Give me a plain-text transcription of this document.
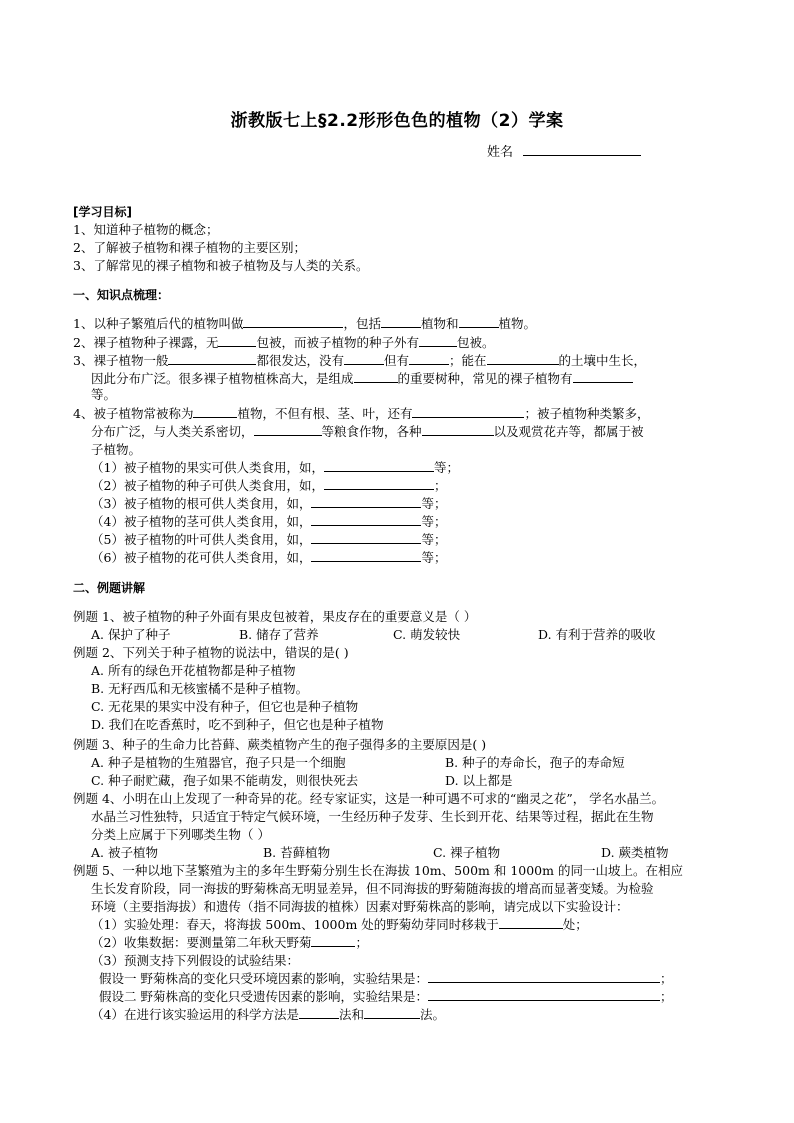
浙教版七上§2.2形形色色的植物（2）学案
姓名
[学习目标]
1、知道种子植物的概念；
2、了解被子植物和裸子植物的主要区别；
3、了解常见的裸子植物和被子植物及与人类的关系。
一、知识点梳理：
1、以种子繁殖后代的植物叫做	，包括	植物和	植物。
2、裸子植物种子裸露，无	包被，而被子植物的种子外有	包被。
3、裸子植物一般	都很发达，没有	但有	；能在	的土壤中生长，
因此分布广泛。很多裸子植物植株高大，是组成	的重要树种，常见的裸子植物有
等。
4、被子植物常被称为	植物，不但有根、茎、叶，还有	；被子植物种类繁多，
分布广泛，与人类关系密切，	等粮食作物，各种	以及观赏花卉等，都属于被
子植物。
（1）被子植物的果实可供人类食用，如，	等；
（2）被子植物的种子可供人类食用，如，	；
（3）被子植物的根可供人类食用，如，	等；
（4）被子植物的茎可供人类食用，如，	等；
（5）被子植物的叶可供人类食用，如，	等；
（6）被子植物的花可供人类食用，如，	等；
二、例题讲解
例题 1、被子植物的种子外面有果皮包被着，果皮存在的重要意义是（ ）
A. 保护了种子	B. 储存了营养	C. 萌发较快	D. 有利于营养的吸收
例题 2、下列关于种子植物的说法中，错误的是( )
A. 所有的绿色开花植物都是种子植物
B. 无籽西瓜和无核蜜橘不是种子植物。
C. 无花果的果实中没有种子，但它也是种子植物
D. 我们在吃香蕉时，吃不到种子，但它也是种子植物
例题 3、种子的生命力比苔藓、蕨类植物产生的孢子强得多的主要原因是( )
A. 种子是植物的生殖器官，孢子只是一个细胞	B. 种子的寿命长，孢子的寿命短
C. 种子耐贮藏，孢子如果不能萌发，则很快死去	D. 以上都是
例题 4、小明在山上发现了一种奇异的花。经专家证实，这是一种可遇不可求的“幽灵之花”， 学名水晶兰。
水晶兰习性独特，只适宜于特定气候环境，一生经历种子发芽、生长到开花、结果等过程，据此在生物
分类上应属于下列哪类生物（ ）
A. 被子植物	B. 苔藓植物	C. 裸子植物	D. 蕨类植物
例题 5、一种以地下茎繁殖为主的多年生野菊分别生长在海拔 10m、500m 和 1000m 的同一山坡上。在相应
生长发育阶段，同一海拔的野菊株高无明显差异，但不同海拔的野菊随海拔的增高而显著变矮。为检验
环境（主要指海拔）和遗传（指不同海拔的植株）因素对野菊株高的影响，请完成以下实验设计：
（1）实验处理：春天，将海拔 500m、1000m 处的野菊幼芽同时移栽于	处；
（2）收集数据：要测量第二年秋天野菊	；
（3）预测支持下列假设的试验结果：
假设一 野菊株高的变化只受环境因素的影响，实验结果是：	；
假设二 野菊株高的变化只受遗传因素的影响，实验结果是：	；
（4）在进行该实验运用的科学方法是	法和	法。
